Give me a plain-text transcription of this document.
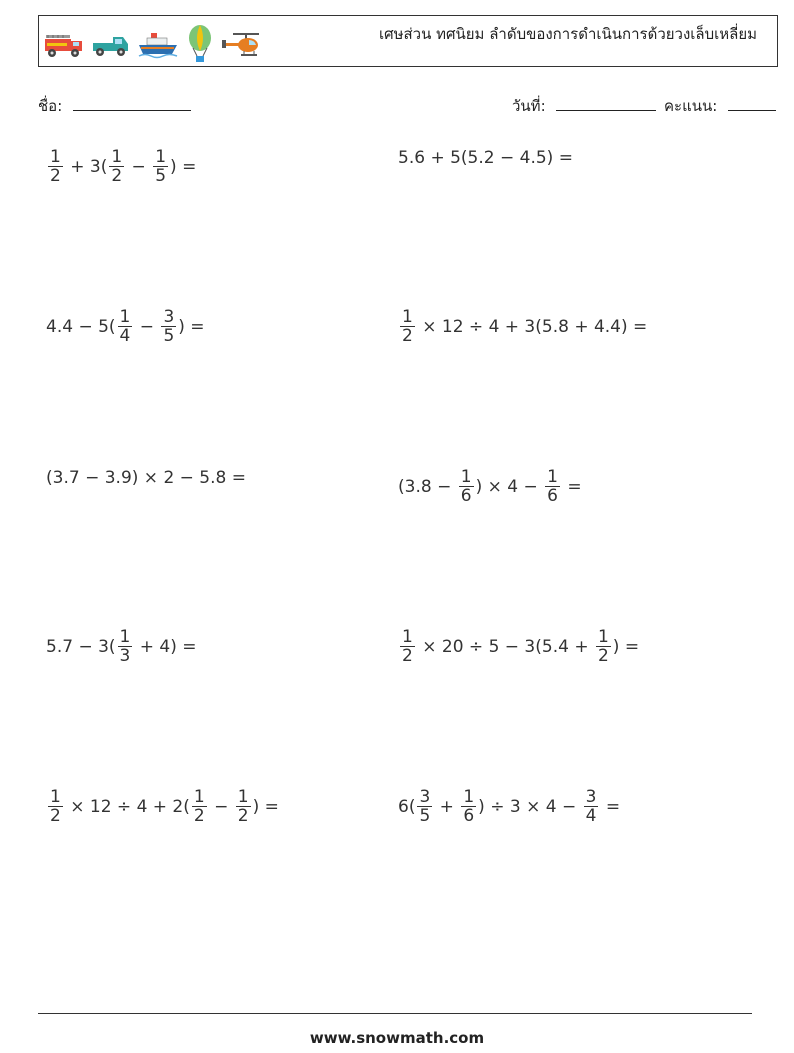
เศษส่วน ทศนิยม ลำดับของการดำเนินการด้วยวงเล็บเหลี่ยม
ชื่อ:	วันที่:	คะแนน:
$\frac{1}{2} + 3( \frac{1}{2} - \frac{1}{5}$ ) =	5.6 + 5(5.2 − 4.5) =
$4.4 - 5( \frac{1}{4} - \frac{3}{5}$ ) =	$\frac{1}{2} \times 12 \div 4 + 3(5.8 + 4.4)$ =
(3.7 − 3.9) × 2 − 5.8 =	($3.8 - \frac{1}{6}$ ) × $4 - \frac{1}{6}$ =
$5.7 - 3( \frac{1}{3} + 4)$ =	$\frac{1}{2} \times 20 \div 5 - 3(5.4 + \frac{1}{2}$ ) =
$\frac{1}{2} \times 12 \div 4 + 2( \frac{1}{2} - \frac{1}{2}$ ) =	$6( \frac{3}{5} + \frac{1}{6}$ ) ÷ $3 \times 4 - \frac{3}{4}$ =
www.snowmath.com
